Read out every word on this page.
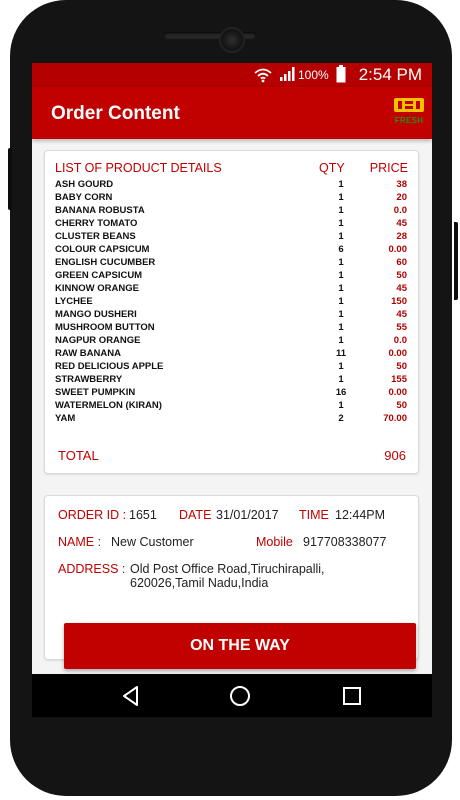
100% 2:54 PM
Order Content	FRESH
LIST OF PRODUCT DETAILS	QTY PRICE
ASH GOURD	1	38
BABY CORN	1	20
BANANA ROBUSTA	1	0.0
CHERRY TOMATO	1	45
CLUSTER BEANS	1	28
COLOUR CAPSICUM	6	0.00
ENGLISH CUCUMBER	1	60
GREEN CAPSICUM	1	50
KINNOW ORANGE	1	45
LYCHEE	1	150
MANGO DUSHERI	1	45
MUSHROOM BUTTON	1	55
NAGPUR ORANGE	1	0.0
RAW BANANA	11	0.00
RED DELICIOUS APPLE	1	50
STRAWBERRY	1	155
SWEET PUMPKIN	16	0.00
WATERMELON (KIRAN)	1	50
YAM	2	70.00
TOTAL	906
ORDER ID : 1651 DATE 31/01/2017 TIME 12:44PM
NAME : New Customer	Mobile 917708338077
ADDRESS : Old Post Office Road,Tiruchirapalli,
620026,Tamil Nadu,India
ON THE WAY
